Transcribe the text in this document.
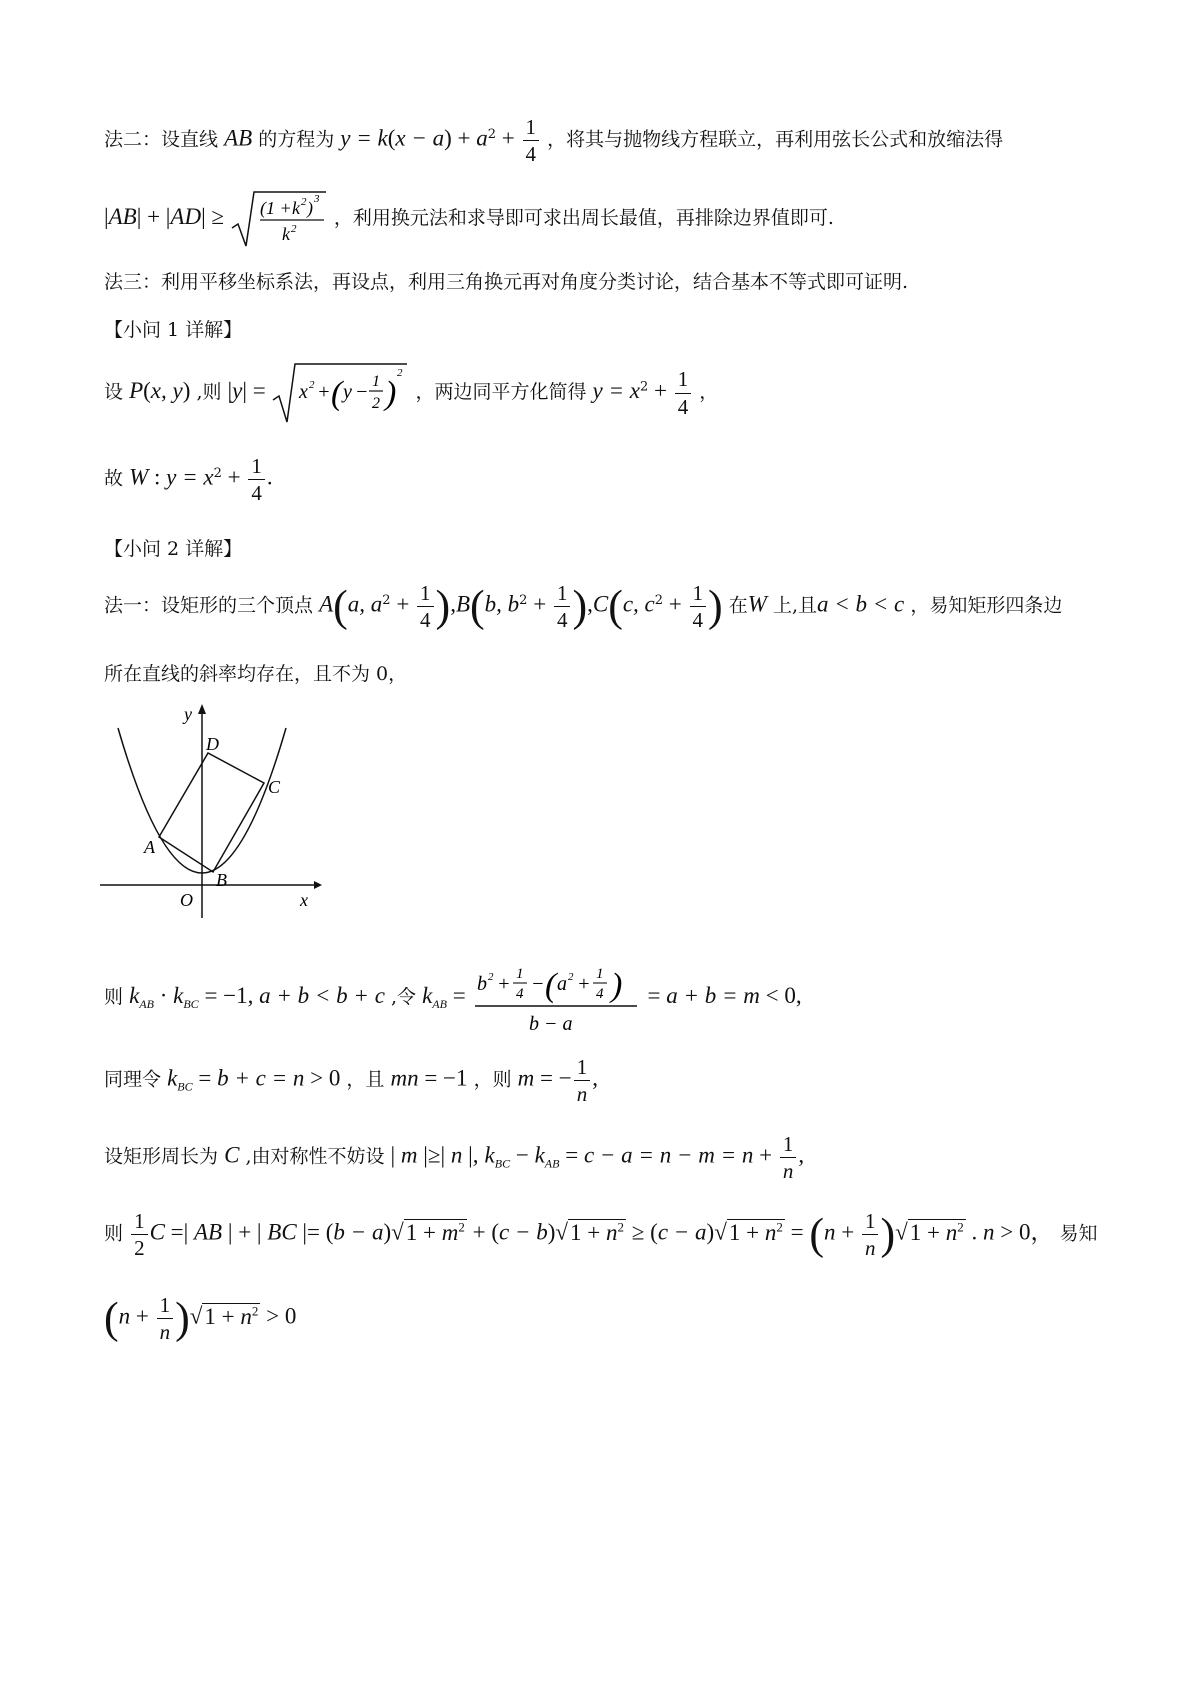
法二：设直线 AB 的方程为 $y = k(x - a) + a^2 + \frac{1}{4}$ ，将其与抛物线方程联立，再利用弦长公式和放缩法得
|AB| + |AD| ≥ (1 + k 2 ) 3
k 2 ，利用换元法和求导即可求出周长最值，再排除边界值即可.
法三：利用平移坐标系法，再设点，利用三角换元再对角度分类讨论，结合基本不等式即可证明.
【小问 1 详解】
设 P(x, y) ,则 |y| = x 2 + ( y − 1
2 )
2
，两边同平方化简得 $y = x^2 + \frac{1}{4}$ ，
故 W : $y = x^2 + \frac{1}{4}$ .
【小问 2 详解】
法一：设矩形的三个顶点 A(a, $a^2 + \frac{1}{4} ),B(b$, $b^2 + \frac{1}{4} ),C(c$, $c^2 + \frac{1}{4}$ ) 在W 上,且a < b < c ，易知矩形四条边
所在直线的斜率均存在，且不为 0，
y
D
C
A
B
O	x
则 $k_{AB} \cdot k_{BC} = -1$, a + b < b + c ,令 $k_{AB} = b$ 2 + 1
4 − ( a 2 + 1
4 )
b − a
= a + b = m < 0,
同理令 $k_{BC} = b + c = n > 0$ ，且 mn = −1 ，则 m = − $\frac{1}{n}$ ,
设矩形周长为 C ,由对称性不妨设 | m |≥| n |, $k_{BC} - k_{AB} = c - a = n - m = n + \frac{1}{n}$ ,
则 $\frac{1}{2}$ C =| AB | + | BC |= $(b - a)√1 + m^2 + (c - b)√1 + n^2 \ge (c - a)√1 + n^2 = (n + \frac{1}{n} )√1 + n^2$ . n > 0， 易知
$(n + \frac{1}{n} )√1 + n^2 > 0$
